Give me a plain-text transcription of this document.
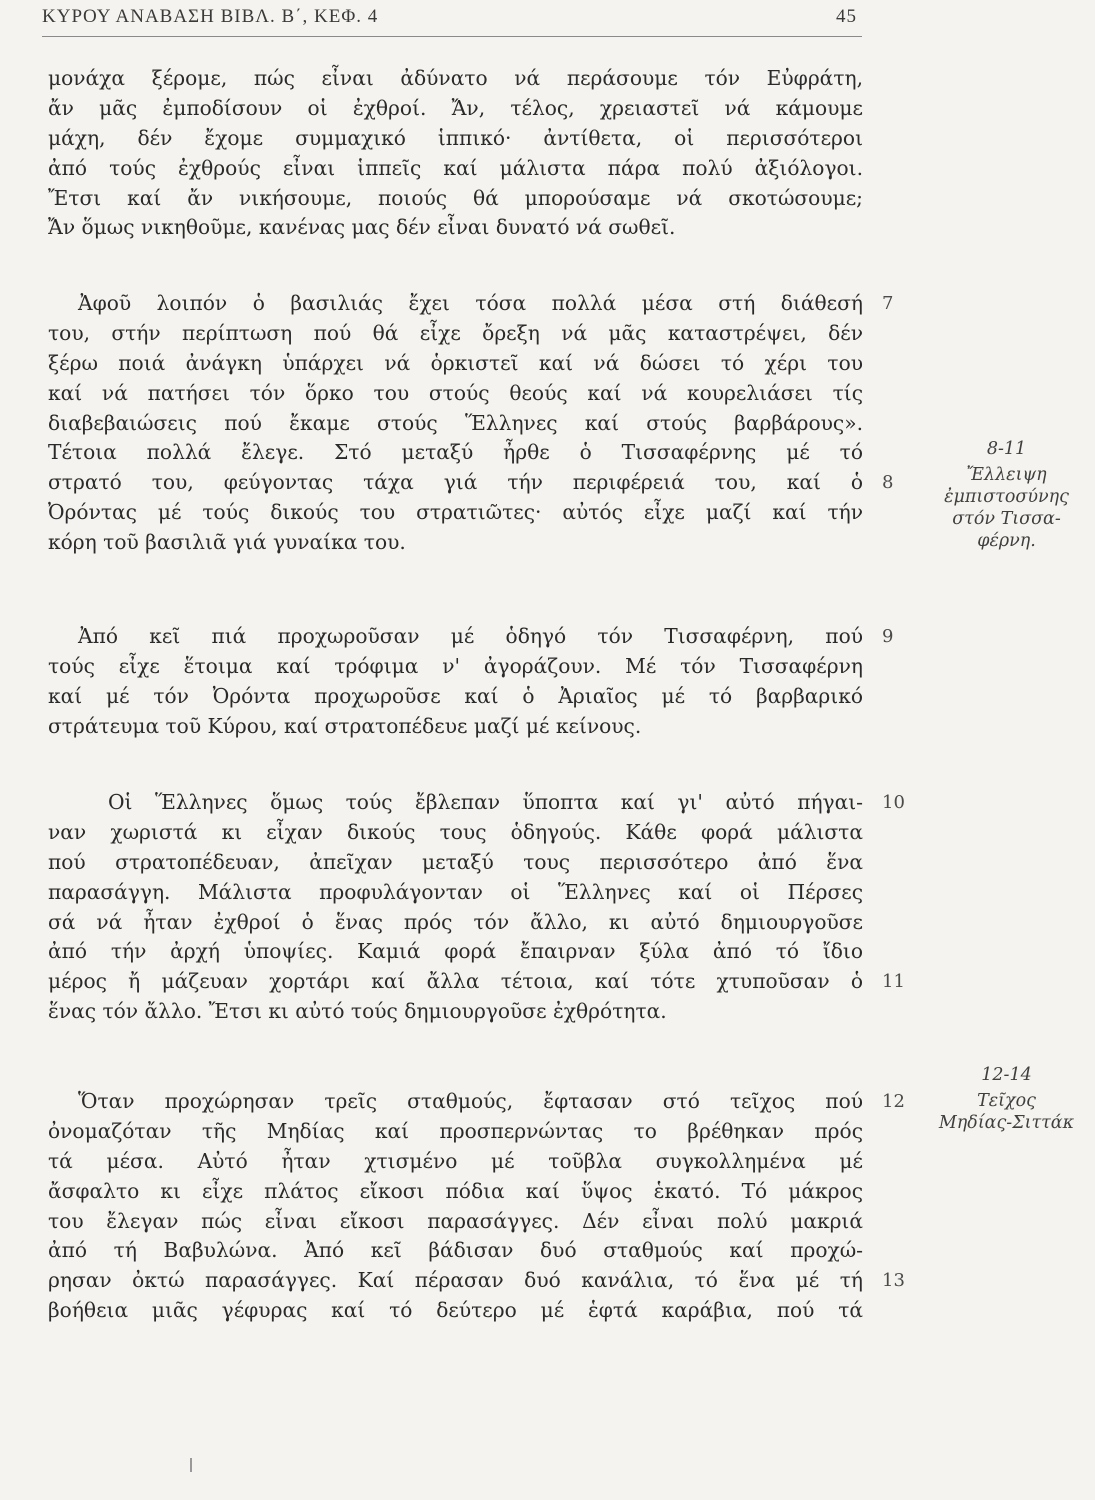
ΚΥΡΟΥ ΑΝΑΒΑΣΗ ΒΙΒΛ. Β΄, ΚΕΦ. 4	45
μονάχα ξέρομε, πώς εἶναι ἀδύνατο νά περάσουμε τόν Εὐφράτη,
ἄν μᾶς ἐμποδίσουν οἱ ἐχθροί. Ἄν, τέλος, χρειαστεῖ νά κάμουμε
μάχη, δέν ἔχομε συμμαχικό ἱππικό· ἀντίθετα, οἱ περισσότεροι
ἀπό τούς ἐχθρούς εἶναι ἱππεῖς καί μάλιστα πάρα πολύ ἀξιόλογοι.
Ἔτσι καί ἄν νικήσουμε, ποιούς θά μπορούσαμε νά σκοτώσουμε;
Ἄν ὅμως νικηθοῦμε, κανένας μας δέν εἶναι δυνατό νά σωθεῖ.
Ἀφοῦ λοιπόν ὁ βασιλιάς ἔχει τόσα πολλά μέσα στή διάθεσή
του, στήν περίπτωση πού θά εἶχε ὄρεξη νά μᾶς καταστρέψει, δέν
ξέρω ποιά ἀνάγκη ὑπάρχει νά ὁρκιστεῖ καί νά δώσει τό χέρι του
καί νά πατήσει τόν ὅρκο του στούς θεούς καί νά κουρελιάσει τίς
διαβεβαιώσεις πού ἔκαμε στούς Ἕλληνες καί στούς βαρβάρους».
Τέτοια πολλά ἔλεγε. Στό μεταξύ ἦρθε ὁ Τισσαφέρνης μέ τό
στρατό του, φεύγοντας τάχα γιά τήν περιφέρειά του, καί ὁ
Ὀρόντας μέ τούς δικούς του στρατιῶτες· αὐτός εἶχε μαζί καί τήν
κόρη τοῦ βασιλιᾶ γιά γυναίκα του.
Ἀπό κεῖ πιά προχωροῦσαν μέ ὁδηγό τόν Τισσαφέρνη, πού
τούς εἶχε ἕτοιμα καί τρόφιμα ν' ἀγοράζουν. Μέ τόν Τισσαφέρνη
καί μέ τόν Ὀρόντα προχωροῦσε καί ὁ Ἀριαῖος μέ τό βαρβαρικό
στράτευμα τοῦ Κύρου, καί στρατοπέδευε μαζί μέ κείνους.
Οἱ Ἕλληνες ὅμως τούς ἔβλεπαν ὕποπτα καί γι' αὐτό πήγαι-
ναν χωριστά κι εἶχαν δικούς τους ὁδηγούς. Κάθε φορά μάλιστα
πού στρατοπέδευαν, ἀπεῖχαν μεταξύ τους περισσότερο ἀπό ἕνα
παρασάγγη. Μάλιστα προφυλάγονταν οἱ Ἕλληνες καί οἱ Πέρσες
σά νά ἦταν ἐχθροί ὁ ἕνας πρός τόν ἄλλο, κι αὐτό δημιουργοῦσε
ἀπό τήν ἀρχή ὑποψίες. Καμιά φορά ἔπαιρναν ξύλα ἀπό τό ἴδιο
μέρος ἤ μάζευαν χορτάρι καί ἄλλα τέτοια, καί τότε χτυποῦσαν ὁ
ἕνας τόν ἄλλο. Ἔτσι κι αὐτό τούς δημιουργοῦσε ἐχθρότητα.
Ὅταν προχώρησαν τρεῖς σταθμούς, ἔφτασαν στό τεῖχος πού
ὀνομαζόταν τῆς Μηδίας καί προσπερνώντας το βρέθηκαν πρός
τά μέσα. Αὐτό ἦταν χτισμένο μέ τοῦβλα συγκολλημένα μέ
ἄσφαλτο κι εἶχε πλάτος εἴκοσι πόδια καί ὕψος ἑκατό. Τό μάκρος
του ἔλεγαν πώς εἶναι εἴκοσι παρασάγγες. Δέν εἶναι πολύ μακριά
ἀπό τή Βαβυλώνα. Ἀπό κεῖ βάδισαν δυό σταθμούς καί προχώ-
ρησαν ὀκτώ παρασάγγες. Καί πέρασαν δυό κανάλια, τό ἕνα μέ τή
βοήθεια μιᾶς γέφυρας καί τό δεύτερο μέ ἑφτά καράβια, πού τά
7
8
9
10
11
12
13
8-11
Ἔλλειψη
ἐμπιστοσύνης
στόν Τισσα-
φέρνη.
12-14
Τεῖχος
Μηδίας-Σιττάκ
